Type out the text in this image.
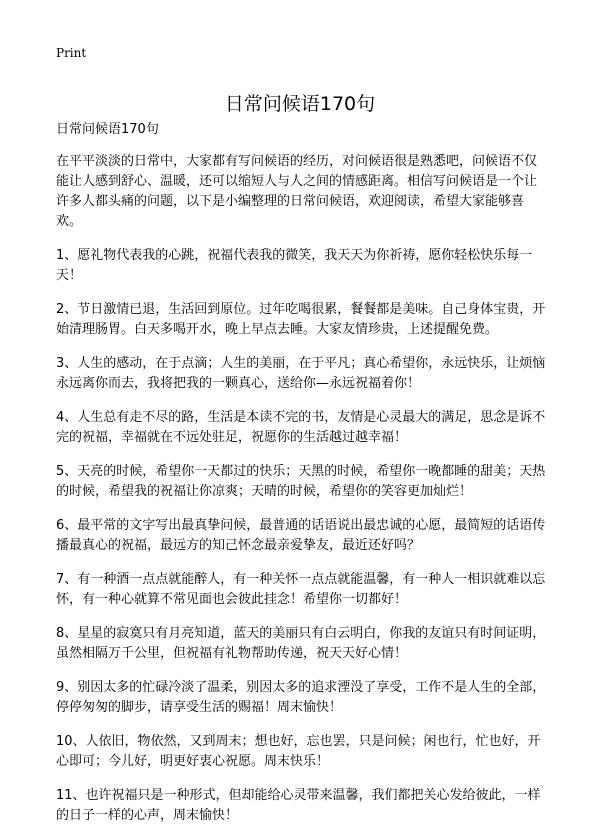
Print
日常问候语170句

日常问候语170句

在平平淡淡的日常中，大家都有写问候语的经历，对问候语很是熟悉吧，问候语不仅能让人感到舒心、温暖，还可以缩短人与人之间的情感距离。相信写问候语是一个让许多人都头痛的问题，以下是小编整理的日常问候语，欢迎阅读，希望大家能够喜欢。

1、愿礼物代表我的心跳，祝福代表我的微笑，我天天为你祈祷，愿你轻松快乐每一天！

2、节日激情已退，生活回到原位。过年吃喝很累，餐餐都是美味。自己身体宝贵，开始清理肠胃。白天多喝开水，晚上早点去睡。大家友情珍贵，上述提醒免费。

3、人生的感动，在于点滴；人生的美丽，在于平凡；真心希望你，永远快乐，让烦恼永远离你而去，我将把我的一颗真心，送给你—永远祝福着你！

4、人生总有走不尽的路，生活是本读不完的书，友情是心灵最大的满足，思念是诉不完的祝福，幸福就在不远处驻足，祝愿你的生活越过越幸福！

5、天亮的时候，希望你一天都过的快乐；天黑的时候，希望你一晚都睡的甜美；天热的时候，希望我的祝福让你凉爽；天晴的时候，希望你的笑容更加灿烂！

6、最平常的文字写出最真挚问候，最普通的话语说出最忠诚的心愿，最简短的话语传播最真心的祝福，最远方的知己怀念最亲爱挚友，最近还好吗？

7、有一种酒一点点就能醉人，有一种关怀一点点就能温馨，有一种人一相识就难以忘怀，有一种心就算不常见面也会彼此挂念！希望你一切都好！

8、星星的寂寞只有月亮知道，蓝天的美丽只有白云明白，你我的友谊只有时间证明，虽然相隔万千公里，但祝福有礼物帮助传递，祝天天好心情！

9、别因太多的忙碌冷淡了温柔，别因太多的追求湮没了享受，工作不是人生的全部，停停匆匆的脚步，请享受生活的赐福！周末愉快！

10、人依旧，物依然，又到周末；想也好，忘也罢，只是问候；闲也行，忙也好，开心即可；今儿好，明更好衷心祝愿。周末快乐！

11、也许祝福只是一种形式，但却能给心灵带来温馨，我们都把关心发给彼此，一样的日子一样的心声，周末愉快！
